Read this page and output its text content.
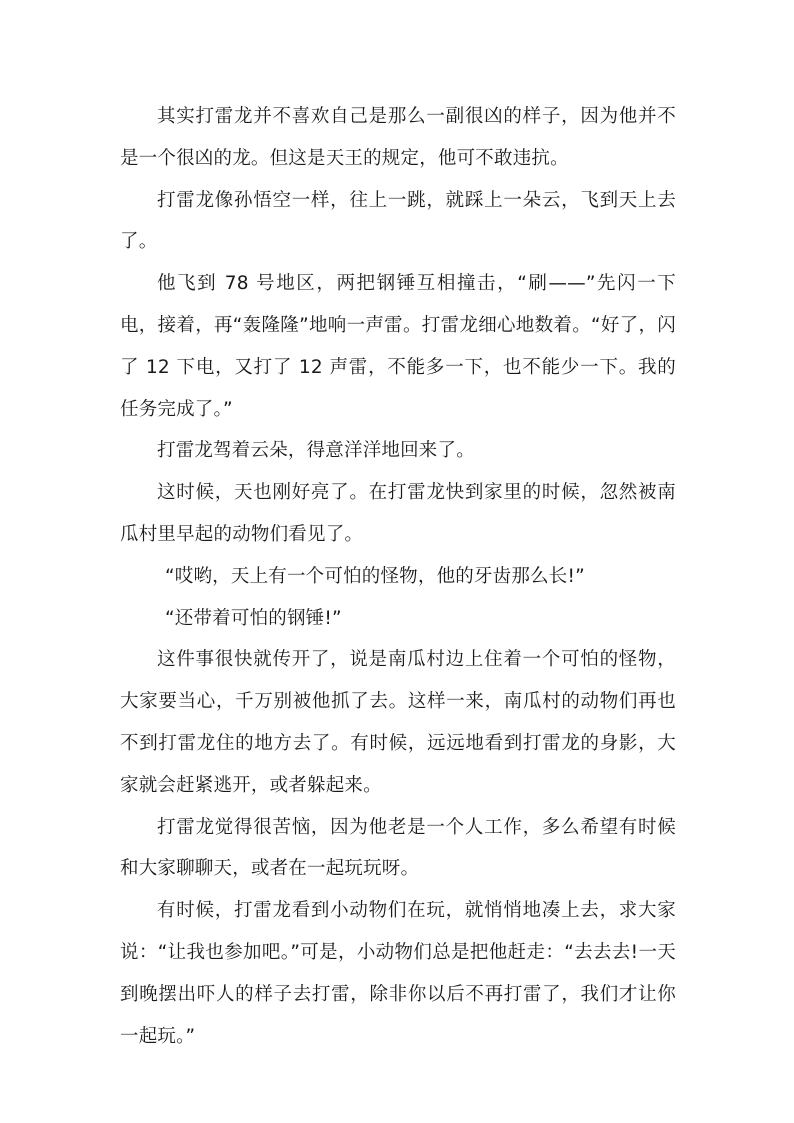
其实打雷龙并不喜欢自己是那么一副很凶的样子，因为他并不是一个很凶的龙。但这是天王的规定，他可不敢违抗。

打雷龙像孙悟空一样，往上一跳，就踩上一朵云，飞到天上去了。

他飞到 78 号地区，两把钢锤互相撞击，“刷——”先闪一下电，接着，再“轰隆隆”地响一声雷。打雷龙细心地数着。“好了，闪了 12 下电，又打了 12 声雷，不能多一下，也不能少一下。我的任务完成了。”

打雷龙驾着云朵，得意洋洋地回来了。

这时候，天也刚好亮了。在打雷龙快到家里的时候，忽然被南瓜村里早起的动物们看见了。

“哎哟，天上有一个可怕的怪物，他的牙齿那么长!”

“还带着可怕的钢锤!”

这件事很快就传开了，说是南瓜村边上住着一个可怕的怪物，大家要当心，千万别被他抓了去。这样一来，南瓜村的动物们再也不到打雷龙住的地方去了。有时候，远远地看到打雷龙的身影，大家就会赶紧逃开，或者躲起来。

打雷龙觉得很苦恼，因为他老是一个人工作，多么希望有时候和大家聊聊天，或者在一起玩玩呀。

有时候，打雷龙看到小动物们在玩，就悄悄地凑上去，求大家说：“让我也参加吧。”可是，小动物们总是把他赶走：“去去去!一天到晚摆出吓人的样子去打雷，除非你以后不再打雷了，我们才让你一起玩。”
